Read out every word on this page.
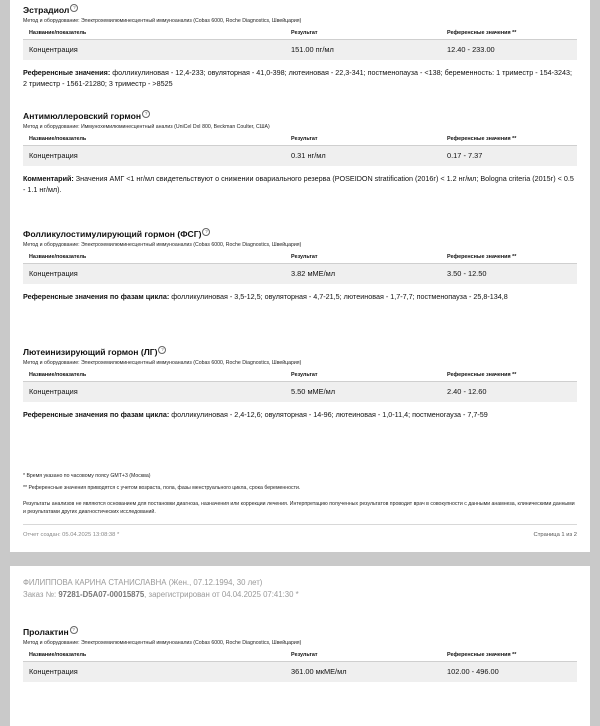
Эстрадиол ?
Метод и оборудование: Электрохемилюминесцентный иммуноанализ (Cobas 6000, Roche Diagnostics, Швейцария)
Название/показатель	Результат	Референсные значения **
Концентрация	151.00 пг/мл	12.40 - 233.00
Референсные значения: фолликулиновая - 12,4-233; овуляторная - 41,0-398; лютеиновая - 22,3-341; постменопауза - <138; беременность: 1 триместр - 154-3243; 2 триместр - 1561-21280; 3 триместр - >8525
Антимюллеровский гормон ?
Метод и оборудование: Иммунохемилюминесцентный анализ (UniCel DxI 800, Beckman Coulter, США)
Название/показатель	Результат	Референсные значения **
Концентрация	0.31 нг/мл	0.17 - 7.37
Комментарий: Значения АМГ <1 нг/мл свидетельствуют о снижении овариального резерва (POSEIDON stratification (2016г) < 1.2 нг/мл; Bologna criteria (2015г) < 0.5 - 1.1 нг/мл).
Фолликулостимулирующий гормон (ФСГ) ?
Метод и оборудование: Электрохемилюминесцентный иммуноанализ (Cobas 6000, Roche Diagnostics, Швейцария)
Название/показатель	Результат	Референсные значения **
Концентрация	3.82 мМЕ/мл	3.50 - 12.50
Референсные значения по фазам цикла: фолликулиновая - 3,5-12,5; овуляторная - 4,7-21,5; лютеиновая - 1,7-7,7; постменопауза - 25,8-134,8
Лютеинизирующий гормон (ЛГ) ?
Метод и оборудование: Электрохемилюминесцентный иммуноанализ (Cobas 6000, Roche Diagnostics, Швейцария)
Название/показатель	Результат	Референсные значения **
Концентрация	5.50 мМЕ/мл	2.40 - 12.60
Референсные значения по фазам цикла: фолликулиновая - 2,4-12,6; овуляторная - 14-96; лютеиновая - 1,0-11,4; постменогауза - 7,7-59
* Время указано по часовому поясу GMT+3 (Москва)
** Референсные значения приводятся с учетом возраста, пола, фазы менструального цикла, срока беременности.
Результаты анализов не являются основанием для постановки диагноза, назначения или коррекции лечения. Интерпретацию полученных результатов проводит врач в совокупности с данными анамнеза, клиническими данными и результатами других диагностических исследований.
Отчет создан: 05.04.2025 13:08:38 *	Страница 1 из 2
ФИЛИППОВА КАРИНА СТАНИСЛАВНА (Жен., 07.12.1994, 30 лет)
Заказ №: 97281-D5A07-00015875, зарегистрирован от 04.04.2025 07:41:30 *
Пролактин ?
Метод и оборудование: Электрохемилюминесцентный иммуноанализ (Cobas 6000, Roche Diagnostics, Швейцария)
Название/показатель	Результат	Референсные значения **
Концентрация	361.00 мкМЕ/мл	102.00 - 496.00
